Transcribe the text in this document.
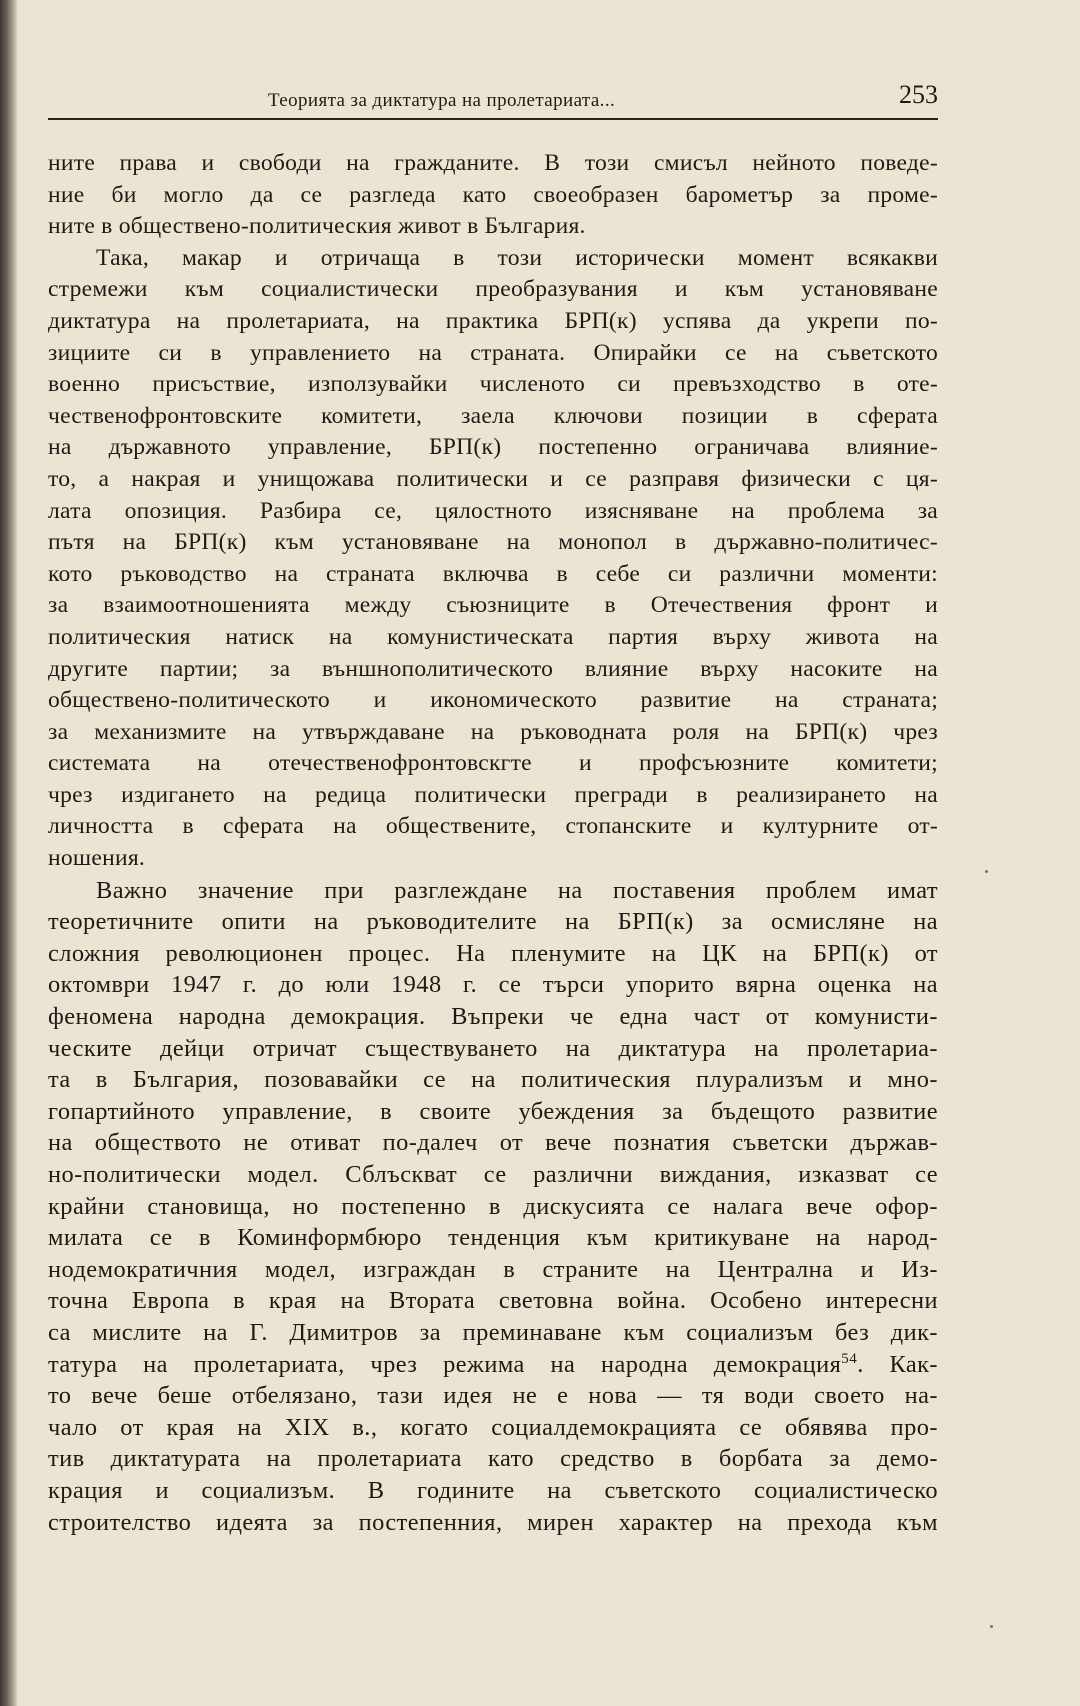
Теорията за диктатура на пролетариата...	253
ните права и свободи на гражданите. В този смисъл нейното поведе-
ние би могло да се разгледа като своеобразен барометър за проме-
ните в обществено-политическия живот в България.
Така, макар и отричаща в този исторически момент всякакви
стремежи към социалистически преобразувания и към установяване
диктатура на пролетариата, на практика БРП(к) успява да укрепи по-
зициите си в управлението на страната. Опирайки се на съветското
военно присъствие, използувайки численото си превъзходство в оте-
чественофронтовските комитети, заела ключови позиции в сферата
на държавното управление, БРП(к) постепенно ограничава влияние-
то, а накрая и унищожава политически и се разправя физически с ця-
лата опозиция. Разбира се, цялостното изясняване на проблема за
пътя на БРП(к) към установяване на монопол в държавно-политичес-
кото ръководство на страната включва в себе си различни моменти:
за взаимоотношенията между съюзниците в Отечествения фронт и
политическия натиск на комунистическата партия върху живота на
другите партии; за външнополитическото влияние върху насоките на
обществено-политическото и икономическото развитие на страната;
за механизмите на утвърждаване на ръководната роля на БРП(к) чрез
системата на отечественофронтовскгте и профсъюзните комитети;
чрез издигането на редица политически прегради в реализирането на
личността в сферата на обществените, стопанските и културните от-
ношения.
Важно значение при разглеждане на поставения проблем имат
теоретичните опити на ръководителите на БРП(к) за осмисляне на
сложния революционен процес. На пленумите на ЦК на БРП(к) от
октомври 1947 г. до юли 1948 г. се търси упорито вярна оценка на
феномена народна демокрация. Въпреки че една част от комунисти-
ческите дейци отричат съществуването на диктатура на пролетариа-
та в България, позовавайки се на политическия плурализъм и мно-
гопартийното управление, в своите убеждения за бъдещото развитие
на обществото не отиват по-далеч от вече познатия съветски държав-
но-политически модел. Сблъскват се различни виждания, изказват се
крайни становища, но постепенно в дискусията се налага вече офор-
милата се в Коминформбюро тенденция към критикуване на народ-
нодемократичния модел, изграждан в страните на Централна и Из-
точна Европа в края на Втората световна война. Особено интересни
са мислите на Г. Димитров за преминаване към социализъм без дик-
татура на пролетариата, чрез режима на народна демокрация$^{54}$. Как-
то вече беше отбелязано, тази идея не е нова — тя води своето на-
чало от края на XIX в., когато социалдемокрацията се обявява про-
тив диктатурата на пролетариата като средство в борбата за демо-
крация и социализъм. В годините на съветското социалистическо
строителство идеята за постепенния, мирен характер на прехода към
